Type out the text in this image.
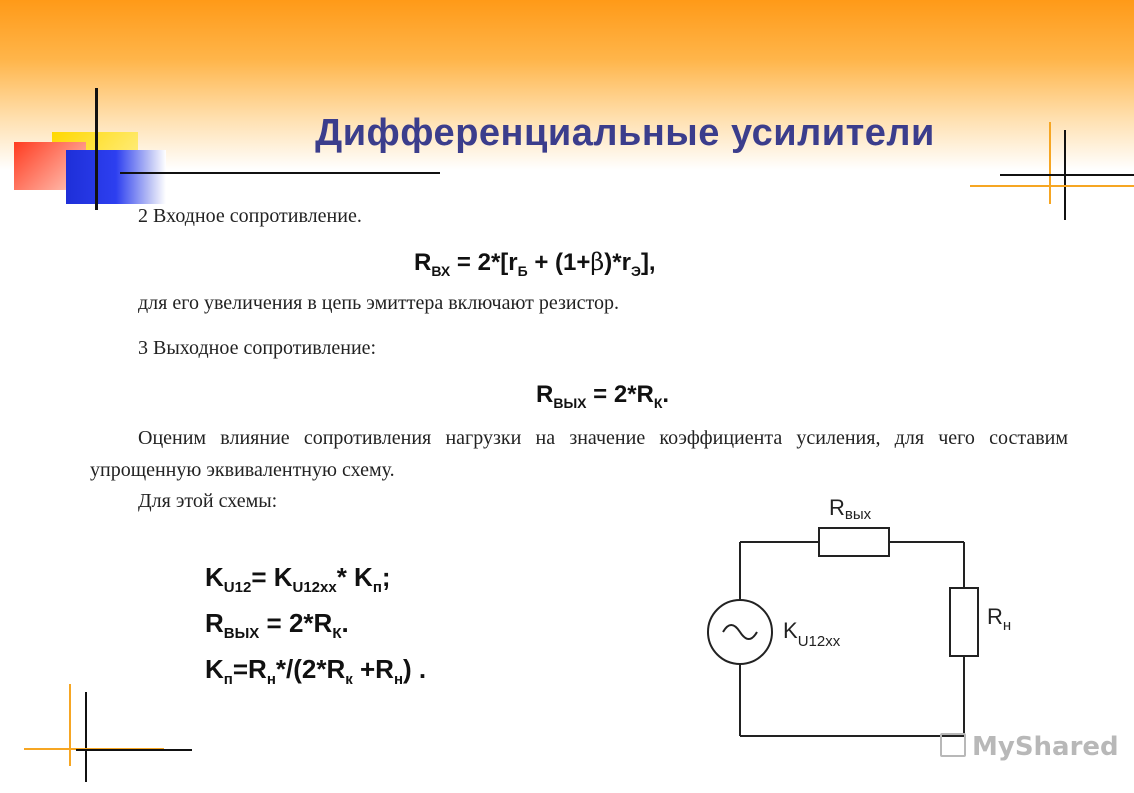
Дифференциальные усилители
2 Входное сопротивление.
$R_{ВХ} = 2*[r_Б + (1+\beta)*r_Э]$,
для его увеличения в цепь эмиттера включают резистор.
3 Выходное сопротивление:
$R_{ВЫХ} = 2*R_К$.
Оценим влияние сопротивления нагрузки на значение коэффициента усиления, для чего составим упрощенную эквивалентную схему.
Для этой схемы:
$K_{U12}= K_{U12xx}*$ $K_п$;
$R_{ВЫХ} = 2*R_К$.
$K_п=R_н*/(2*R_к +R_н)$ .
Rвых
$R_н$
$K_{U12xx}$
MyShared
